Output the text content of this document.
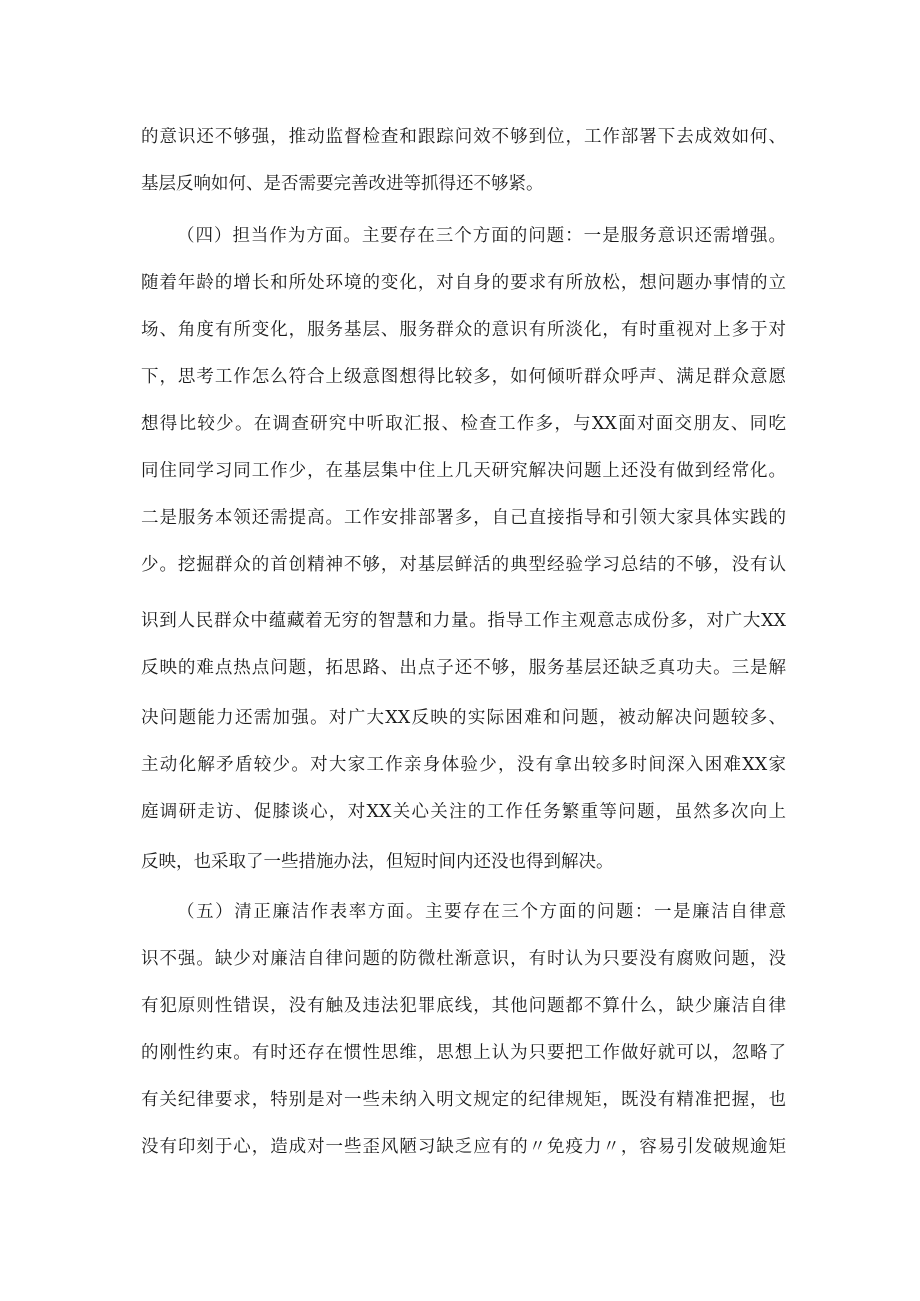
的意识还不够强，推动监督检查和跟踪问效不够到位，工作部署下去成效如何、

基层反响如何、是否需要完善改进等抓得还不够紧。

（四）担当作为方面。主要存在三个方面的问题：一是服务意识还需增强。

随着年龄的增长和所处环境的变化，对自身的要求有所放松，想问题办事情的立

场、角度有所变化，服务基层、服务群众的意识有所淡化，有时重视对上多于对

下，思考工作怎么符合上级意图想得比较多，如何倾听群众呼声、满足群众意愿

想得比较少。在调查研究中听取汇报、检查工作多，与XX面对面交朋友、同吃

同住同学习同工作少，在基层集中住上几天研究解决问题上还没有做到经常化。

二是服务本领还需提高。工作安排部署多，自己直接指导和引领大家具体实践的

少。挖掘群众的首创精神不够，对基层鲜活的典型经验学习总结的不够，没有认

识到人民群众中蕴藏着无穷的智慧和力量。指导工作主观意志成份多，对广大XX

反映的难点热点问题，拓思路、出点子还不够，服务基层还缺乏真功夫。三是解

决问题能力还需加强。对广大XX反映的实际困难和问题，被动解决问题较多、

主动化解矛盾较少。对大家工作亲身体验少，没有拿出较多时间深入困难XX家

庭调研走访、促膝谈心，对XX关心关注的工作任务繁重等问题，虽然多次向上

反映，也采取了一些措施办法，但短时间内还没也得到解决。

（五）清正廉洁作表率方面。主要存在三个方面的问题：一是廉洁自律意

识不强。缺少对廉洁自律问题的防微杜渐意识，有时认为只要没有腐败问题，没

有犯原则性错误，没有触及违法犯罪底线，其他问题都不算什么，缺少廉洁自律

的刚性约束。有时还存在惯性思维，思想上认为只要把工作做好就可以，忽略了

有关纪律要求，特别是对一些未纳入明文规定的纪律规矩，既没有精准把握，也

没有印刻于心，造成对一些歪风陋习缺乏应有的〃免疫力〃，容易引发破规逾矩
